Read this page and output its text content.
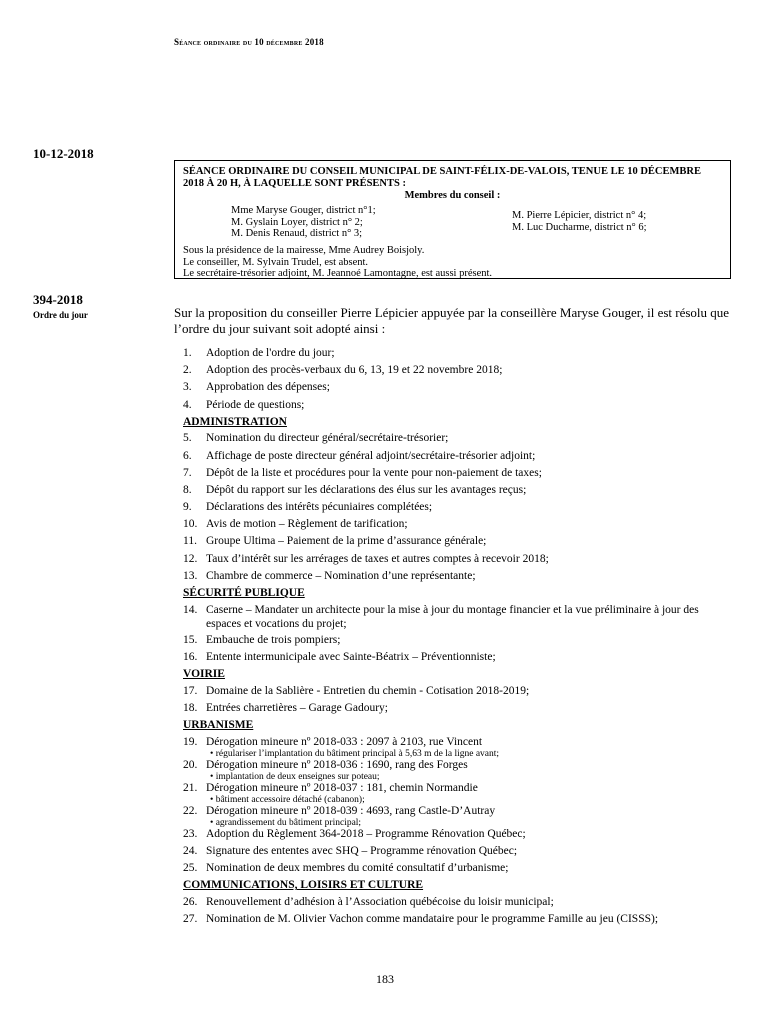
Séance ordinaire du 10 décembre 2018
10-12-2018
SÉANCE ORDINAIRE DU CONSEIL MUNICIPAL DE SAINT-FÉLIX-DE-VALOIS, TENUE LE 10 DÉCEMBRE 2018 À 20 H, À LAQUELLE SONT PRÉSENTS :
Membres du conseil :
Mme Maryse Gouger, district n°1;
M. Gyslain Loyer, district n° 2;
M. Denis Renaud, district n° 3;
M. Pierre Lépicier, district n° 4;
M. Luc Ducharme, district n° 6;
Sous la présidence de la mairesse, Mme Audrey Boisjoly.
Le conseiller, M. Sylvain Trudel, est absent.
Le secrétaire-trésorier adjoint, M. Jeannoé Lamontagne, est aussi présent.
394-2018
Ordre du jour	Sur la proposition du conseiller Pierre Lépicier appuyée par la conseillère Maryse Gouger, il est résolu que l’ordre du jour suivant soit adopté ainsi :
1. Adoption de l'ordre du jour;
2. Adoption des procès-verbaux du 6, 13, 19 et 22 novembre 2018;
3. Approbation des dépenses;
4. Période de questions;
ADMINISTRATION
5. Nomination du directeur général/secrétaire-trésorier;
6. Affichage de poste directeur général adjoint/secrétaire-trésorier adjoint;
7. Dépôt de la liste et procédures pour la vente pour non-paiement de taxes;
8. Dépôt du rapport sur les déclarations des élus sur les avantages reçus;
9. Déclarations des intérêts pécuniaires complétées;
10. Avis de motion – Règlement de tarification;
11. Groupe Ultima – Paiement de la prime d’assurance générale;
12. Taux d’intérêt sur les arrérages de taxes et autres comptes à recevoir 2018;
13. Chambre de commerce – Nomination d’une représentante;
SÉCURITÉ PUBLIQUE
14. Caserne – Mandater un architecte pour la mise à jour du montage financier et la vue préliminaire à jour des espaces et vocations du projet;
15. Embauche de trois pompiers;
16. Entente intermunicipale avec Sainte-Béatrix – Préventionniste;
VOIRIE
17. Domaine de la Sablière - Entretien du chemin - Cotisation 2018-2019;
18. Entrées charretières – Garage Gadoury;
URBANISME
19. Dérogation mineure nº 2018-033 : 2097 à 2103, rue Vincent
• régulariser l’implantation du bâtiment principal à 5,63 m de la ligne avant;
20. Dérogation mineure nº 2018-036 : 1690, rang des Forges
• implantation de deux enseignes sur poteau;
21. Dérogation mineure nº 2018-037 : 181, chemin Normandie
• bâtiment accessoire détaché (cabanon);
22. Dérogation mineure nº 2018-039 : 4693, rang Castle-D’Autray
• agrandissement du bâtiment principal;
23. Adoption du Règlement 364-2018 – Programme Rénovation Québec;
24. Signature des ententes avec SHQ – Programme rénovation Québec;
25. Nomination de deux membres du comité consultatif d’urbanisme;
COMMUNICATIONS, LOISIRS ET CULTURE
26. Renouvellement d’adhésion à l’Association québécoise du loisir municipal;
27. Nomination de M. Olivier Vachon comme mandataire pour le programme Famille au jeu (CISSS);
183
